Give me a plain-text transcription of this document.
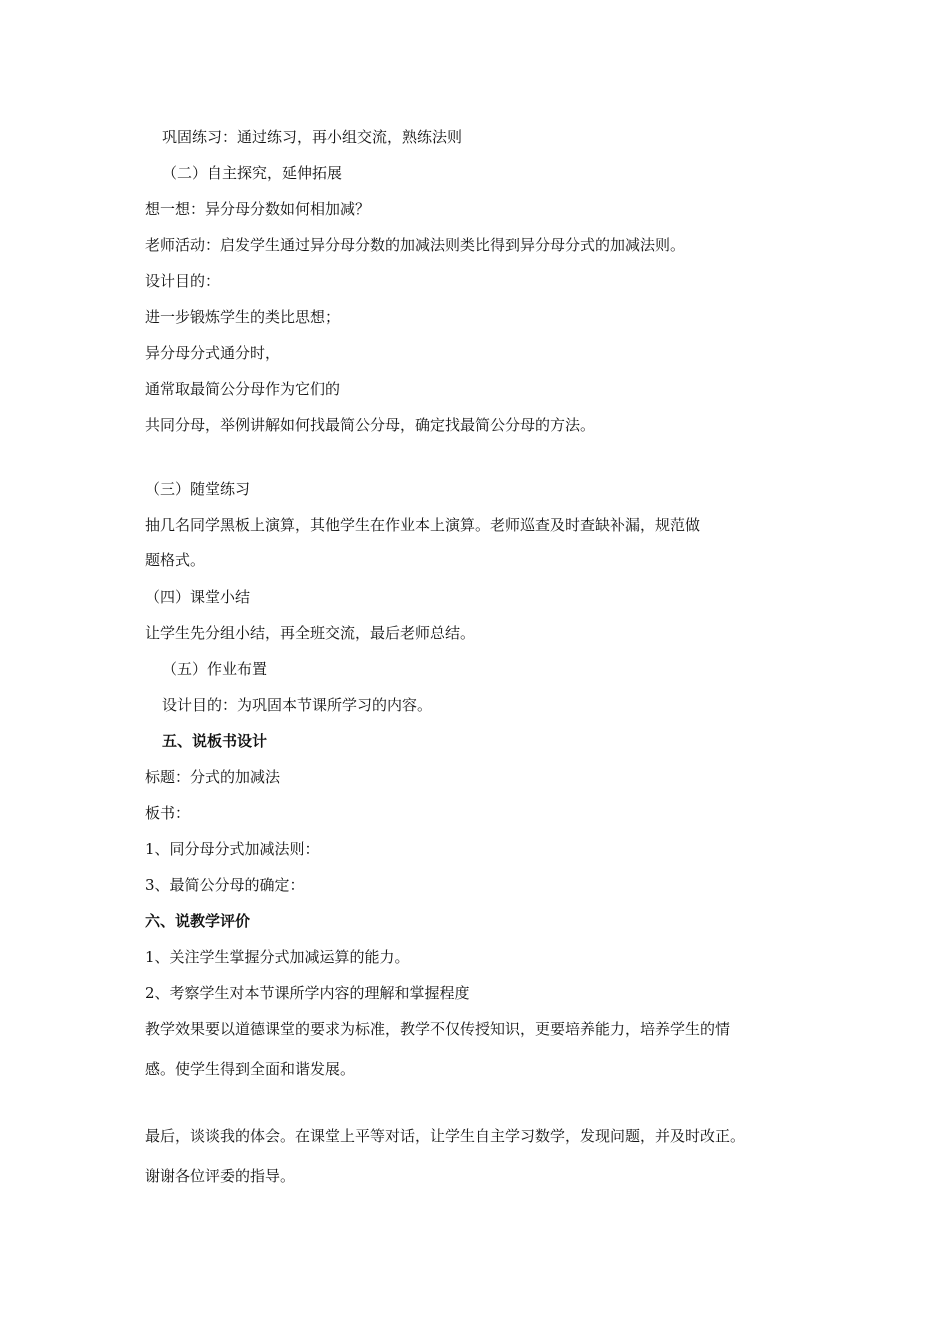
巩固练习：通过练习，再小组交流，熟练法则
（二）自主探究，延伸拓展
想一想：异分母分数如何相加减？
老师活动：启发学生通过异分母分数的加减法则类比得到异分母分式的加减法则。
设计目的：
进一步锻炼学生的类比思想；
异分母分式通分时，
通常取最简公分母作为它们的
共同分母，举例讲解如何找最简公分母，确定找最简公分母的方法。
（三）随堂练习
抽几名同学黑板上演算，其他学生在作业本上演算。老师巡查及时查缺补漏，规范做
题格式。
（四）课堂小结
让学生先分组小结，再全班交流，最后老师总结。
（五）作业布置
设计目的：为巩固本节课所学习的内容。
五、说板书设计
标题：分式的加减法
板书：
1、同分母分式加减法则：
3、最简公分母的确定：
六、说教学评价
1、关注学生掌握分式加减运算的能力。
2、考察学生对本节课所学内容的理解和掌握程度
教学效果要以道德课堂的要求为标准，教学不仅传授知识，更要培养能力，培养学生的情
感。使学生得到全面和谐发展。
最后，谈谈我的体会。在课堂上平等对话，让学生自主学习数学，发现问题，并及时改正。
谢谢各位评委的指导。
